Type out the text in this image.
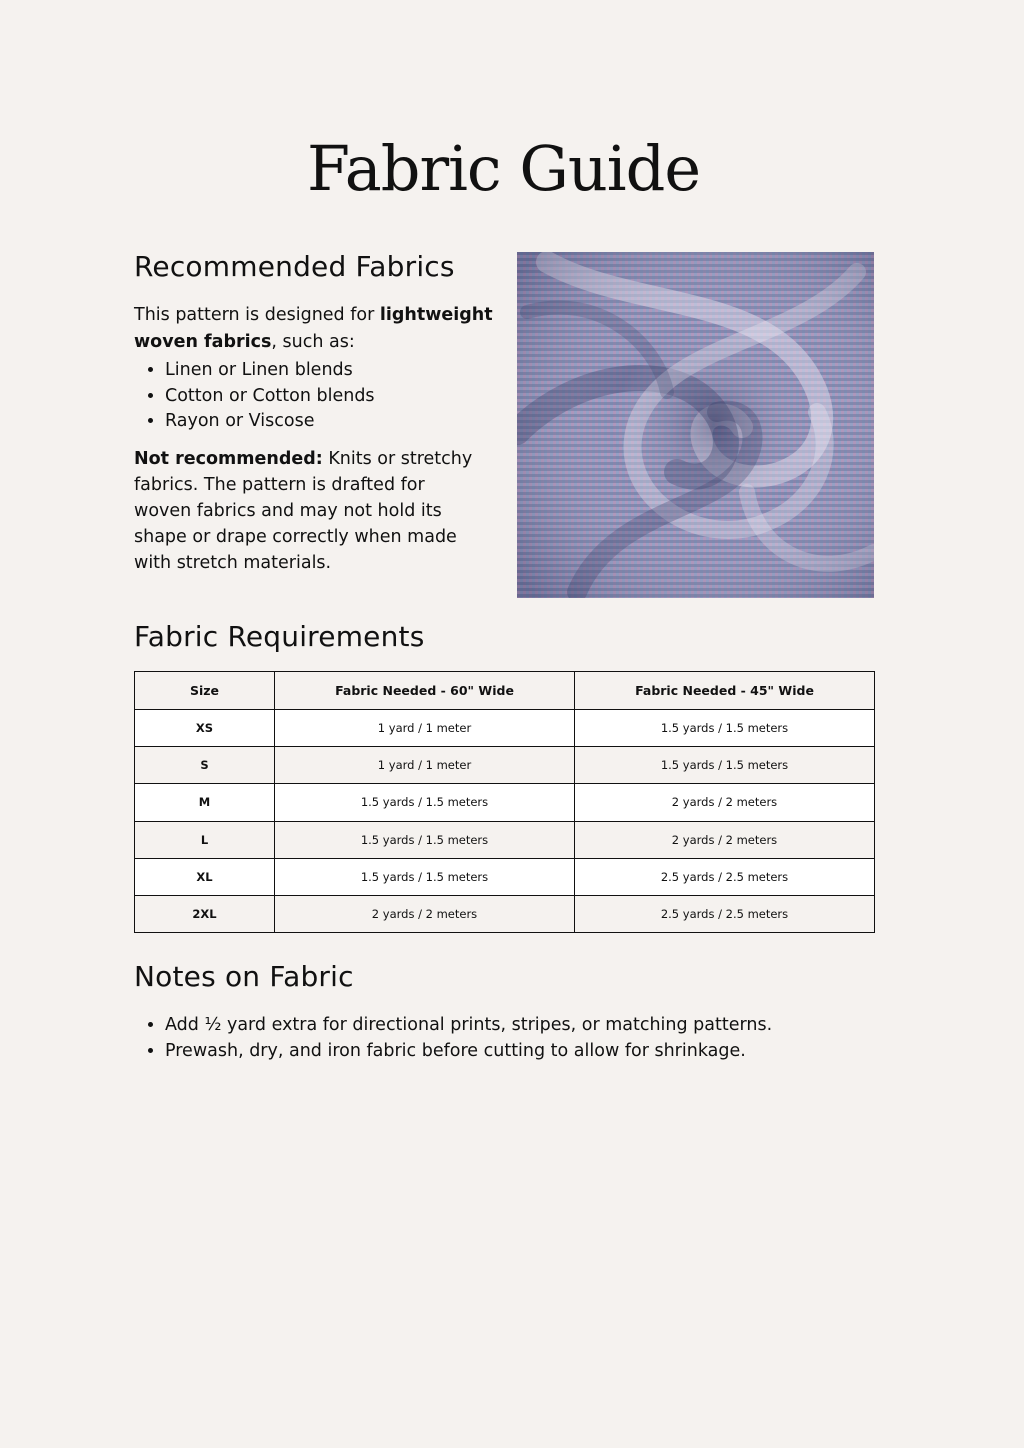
Fabric Guide
Recommended Fabrics

This pattern is designed for lightweight woven fabrics, such as:

• Linen or Linen blends
• Cotton or Cotton blends
• Rayon or Viscose

Not recommended: Knits or stretchy fabrics. The pattern is drafted for woven fabrics and may not hold its shape or drape correctly when made with stretch materials.

Fabric Requirements
Size	Fabric Needed - 60" Wide	Fabric Needed - 45" Wide
XS	1 yard / 1 meter	1.5 yards / 1.5 meters
S	1 yard / 1 meter	1.5 yards / 1.5 meters
M	1.5 yards / 1.5 meters	2 yards / 2 meters
L	1.5 yards / 1.5 meters	2 yards / 2 meters
XL	1.5 yards / 1.5 meters	2.5 yards / 2.5 meters
2XL	2 yards / 2 meters	2.5 yards / 2.5 meters
Notes on Fabric
• Add ½ yard extra for directional prints, stripes, or matching patterns.
• Prewash, dry, and iron fabric before cutting to allow for shrinkage.
